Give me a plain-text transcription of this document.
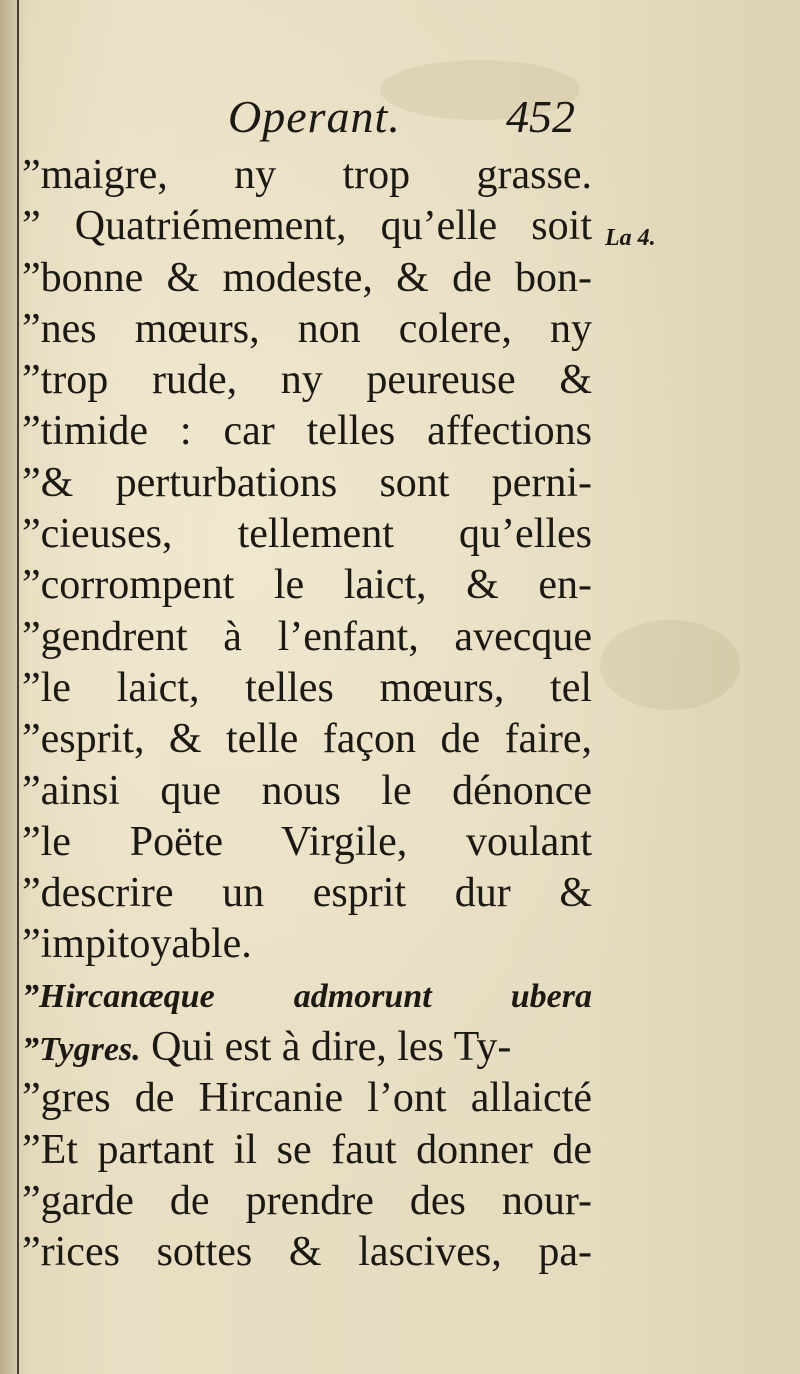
Operant. 452
La 4.
”maigre, ny trop grasse.
” Quatriémement, qu’elle soit
”bonne & modeste, & de bon-
”nes mœurs, non colere, ny
”trop rude, ny peureuse &
”timide : car telles affections
”& perturbations sont perni-
”cieuses, tellement qu’elles
”corrompent le laict, & en-
”gendrent à l’enfant, avecque
”le laict, telles mœurs, tel
”esprit, & telle façon de faire,
”ainsi que nous le dénonce
”le Poëte Virgile, voulant
”descrire un esprit dur &
”impitoyable.
”Hircanæque admorunt ubera
”Tygres. Qui est à dire, les Ty-
”gres de Hircanie l’ont allaicté
”Et partant il se faut donner de
”garde de prendre des nour-
”rices sottes & lascives, pa-
